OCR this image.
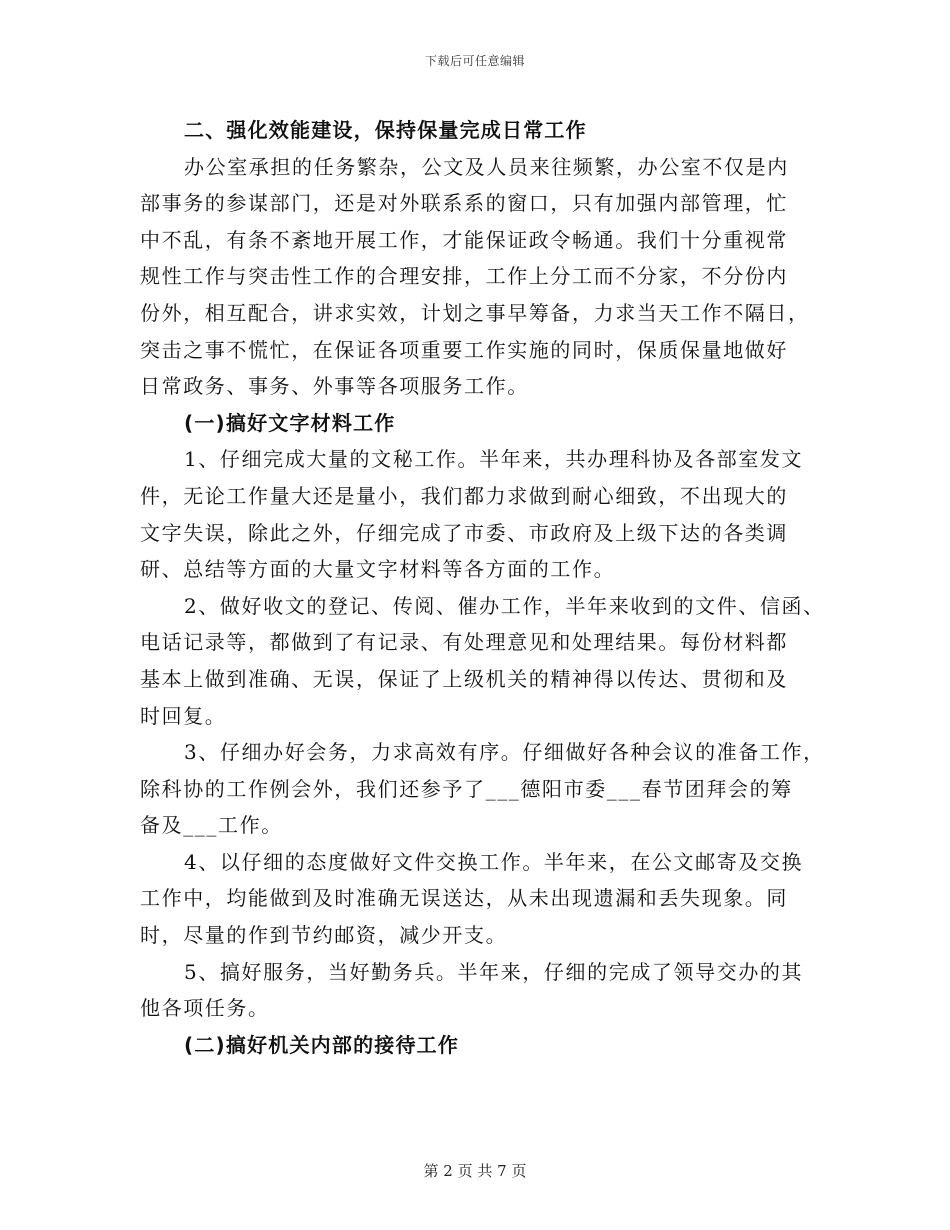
下载后可任意编辑
二、强化效能建设，保持保量完成日常工作
办公室承担的任务繁杂，公文及人员来往频繁，办公室不仅是内
部事务的参谋部门，还是对外联系系的窗口，只有加强内部管理，忙
中不乱，有条不紊地开展工作，才能保证政令畅通。我们十分重视常
规性工作与突击性工作的合理安排，工作上分工而不分家，不分份内
份外，相互配合，讲求实效，计划之事早筹备，力求当天工作不隔日，
突击之事不慌忙，在保证各项重要工作实施的同时，保质保量地做好
日常政务、事务、外事等各项服务工作。
(一)搞好文字材料工作
1、仔细完成大量的文秘工作。半年来，共办理科协及各部室发文
件，无论工作量大还是量小，我们都力求做到耐心细致，不出现大的
文字失误，除此之外，仔细完成了市委、市政府及上级下达的各类调
研、总结等方面的大量文字材料等各方面的工作。
2、做好收文的登记、传阅、催办工作，半年来收到的文件、信函、
电话记录等，都做到了有记录、有处理意见和处理结果。每份材料都
基本上做到准确、无误，保证了上级机关的精神得以传达、贯彻和及
时回复。
3、仔细办好会务，力求高效有序。仔细做好各种会议的准备工作，
除科协的工作例会外，我们还参予了___德阳市委___春节团拜会的筹
备及___工作。
4、以仔细的态度做好文件交换工作。半年来，在公文邮寄及交换
工作中，均能做到及时准确无误送达，从未出现遗漏和丢失现象。同
时，尽量的作到节约邮资，减少开支。
5、搞好服务，当好勤务兵。半年来，仔细的完成了领导交办的其
他各项任务。
(二)搞好机关内部的接待工作
第 2 页 共 7 页
